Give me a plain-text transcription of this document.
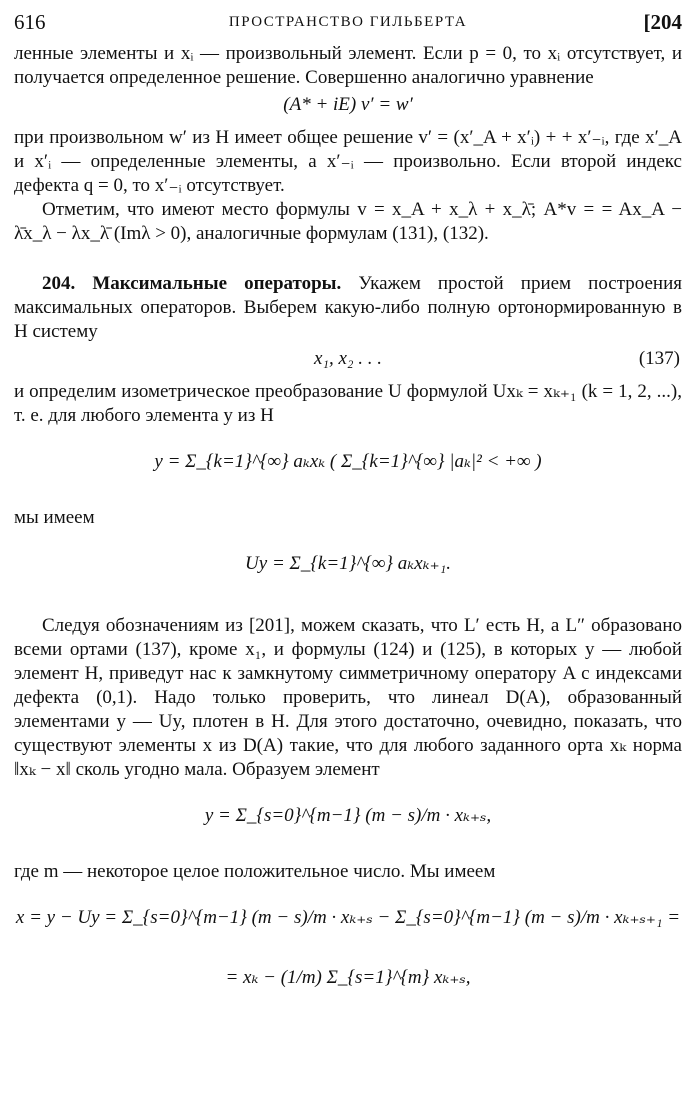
616	ПРОСТРАНСТВО ГИЛЬБЕРТА	[204

ленные элементы и xᵢ — произвольный элемент. Если p = 0, то xᵢ отсутствует, и получается определенное решение. Совершенно аналогично уравнение

(A* + iE) v′ = w′

при произвольном w′ из H имеет общее решение v′ = (x′_A + x′ᵢ) + + x′₋ᵢ, где x′_A и x′ᵢ — определенные элементы, а x′₋ᵢ — произвольно. Если второй индекс дефекта q = 0, то x′₋ᵢ отсутствует.

Отметим, что имеют место формулы v = x_A + x_λ + x_λ̄; A*v = = Ax_A − λ̄x_λ − λx_λ̄ (Imλ > 0), аналогичные формулам (131), (132).

204. Максимальные операторы. Укажем простой прием построения максимальных операторов. Выберем какую-либо полную ортонормированную в H систему

x₁, x₂ . . .	(137)

и определим изометрическое преобразование U формулой Uxₖ = xₖ₊₁ (k = 1, 2, ...), т. е. для любого элемента y из H

y = Σ_{k=1}^{∞} aₖxₖ ( Σ_{k=1}^{∞} |aₖ|² < +∞ )

мы имеем

Uy = Σ_{k=1}^{∞} aₖxₖ₊₁.

Следуя обозначениям из [201], можем сказать, что L′ есть H, а L″ образовано всеми ортами (137), кроме x₁, и формулы (124) и (125), в которых y — любой элемент H, приведут нас к замкнутому симметричному оператору A с индексами дефекта (0,1). Надо только проверить, что линеал D(A), образованный элементами y — Uy, плотен в H. Для этого достаточно, очевидно, показать, что существуют элементы x из D(A) такие, что для любого заданного орта xₖ норма ‖xₖ − x‖ сколь угодно мала. Образуем элемент

y = Σ_{s=0}^{m−1} (m − s)/m · xₖ₊ₛ,

где m — некоторое целое положительное число. Мы имеем

x = y − Uy = Σ_{s=0}^{m−1} (m − s)/m · xₖ₊ₛ − Σ_{s=0}^{m−1} (m − s)/m · xₖ₊ₛ₊₁ =
= xₖ − (1/m) Σ_{s=1}^{m} xₖ₊ₛ,
